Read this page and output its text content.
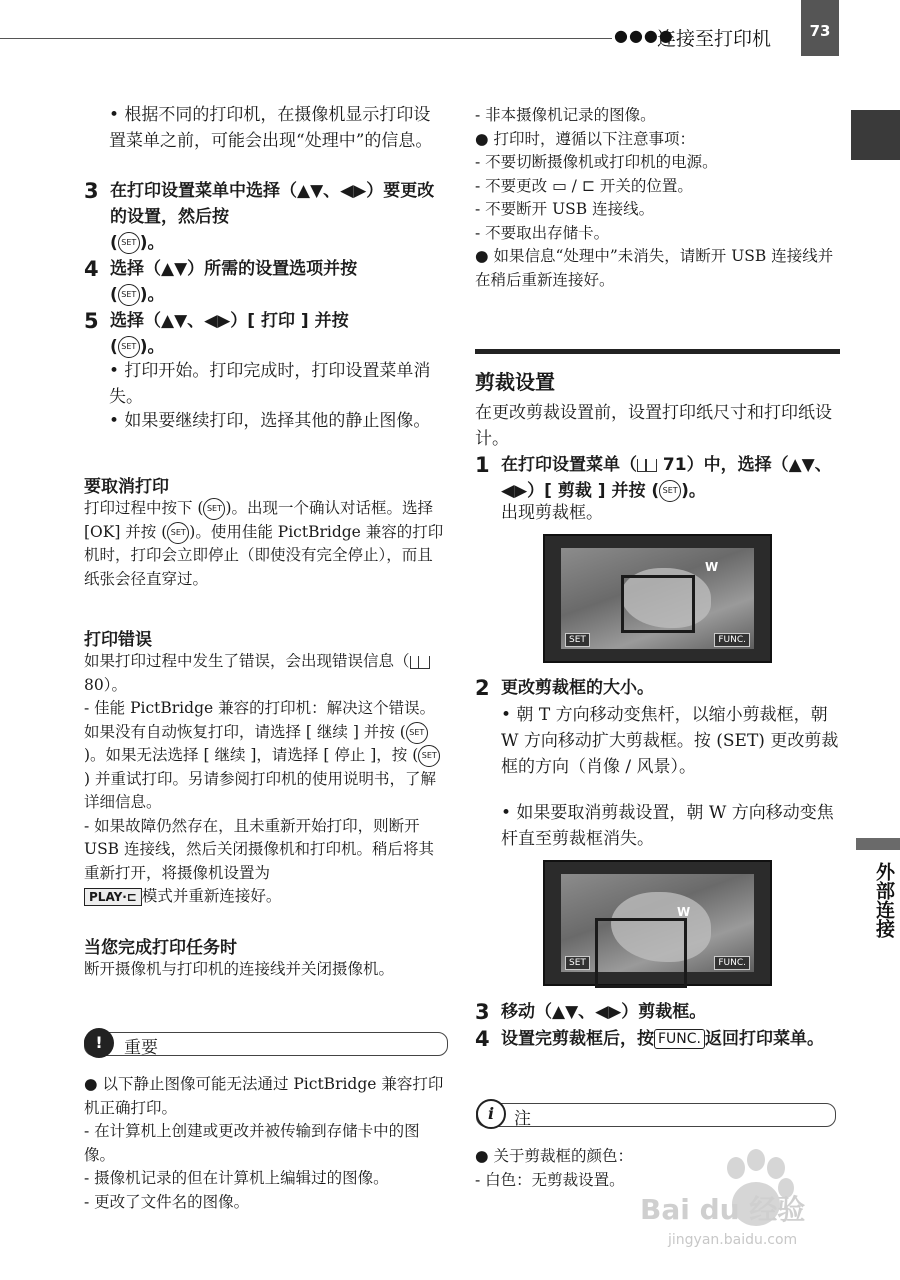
●●●●
连接至打印机	73
外部连接
• 根据不同的打印机，在摄像机显示打印设置菜单之前，可能会出现“处理中”的信息。
3 在打印设置菜单中选择（▲▼、◀▶）要更改的设置，然后按
( SET )。
4 选择（▲▼）所需的设置选项并按
( SET )。
5 选择（▲▼、◀▶）[ 打印 ] 并按
( SET )。
• 打印开始。打印完成时，打印设置菜单消失。
• 如果要继续打印，选择其他的静止图像。
要取消打印
打印过程中按下 ( SET )。出现一个确认对话框。选择 [OK] 并按 ( SET )。使用佳能 PictBridge 兼容的打印机时，打印会立即停止（即使没有完全停止），而且纸张会径直穿过。
打印错误
如果打印过程中发生了错误，会出现错误信息（ 80）。
- 佳能 PictBridge 兼容的打印机：解决这个错误。如果没有自动恢复打印，请选择 [ 继续 ] 并按 ( SET)。如果无法选择 [ 继续 ]，请选择 [ 停止 ]，按 ( SET) 并重试打印。另请参阅打印机的使用说明书，了解详细信息。
- 如果故障仍然存在，且未重新开始打印，则断开 USB 连接线，然后关闭摄像机和打印机。稍后将其重新打开，将摄像机设置为
PLAY·⊏ 模式并重新连接好。
当您完成打印任务时
断开摄像机与打印机的连接线并关闭摄像机。
!	重要
● 以下静止图像可能无法通过 PictBridge 兼容打印机正确打印。
- 在计算机上创建或更改并被传输到存储卡中的图像。
- 摄像机记录的但在计算机上编辑过的图像。
- 更改了文件名的图像。
- 非本摄像机记录的图像。
● 打印时，遵循以下注意事项：
- 不要切断摄像机或打印机的电源。
- 不要更改 ▭ / ⊏ 开关的位置。
- 不要断开 USB 连接线。
- 不要取出存储卡。
● 如果信息“处理中”未消失，请断开 USB 连接线并在稍后重新连接好。
剪裁设置
在更改剪裁设置前，设置打印纸尺寸和打印纸设计。
1 在打印设置菜单（ 71）中，选择（▲▼、◀▶）[ 剪裁 ] 并按 ( SET )。
出现剪裁框。
W
SET	FUNC.
2 更改剪裁框的大小。
• 朝 T 方向移动变焦杆，以缩小剪裁框，朝 W 方向移动扩大剪裁框。按 (SET) 更改剪裁框的方向（肖像 / 风景）。
• 如果要取消剪裁设置，朝 W 方向移动变焦杆直至剪裁框消失。
W
SET	FUNC.
3 移动（▲▼、◀▶）剪裁框。
4 设置完剪裁框后，按 FUNC. 返回打印菜单。
i	注
● 关于剪裁框的颜色：
- 白色：无剪裁设置。
Bai du 经验
jingyan.baidu.com
